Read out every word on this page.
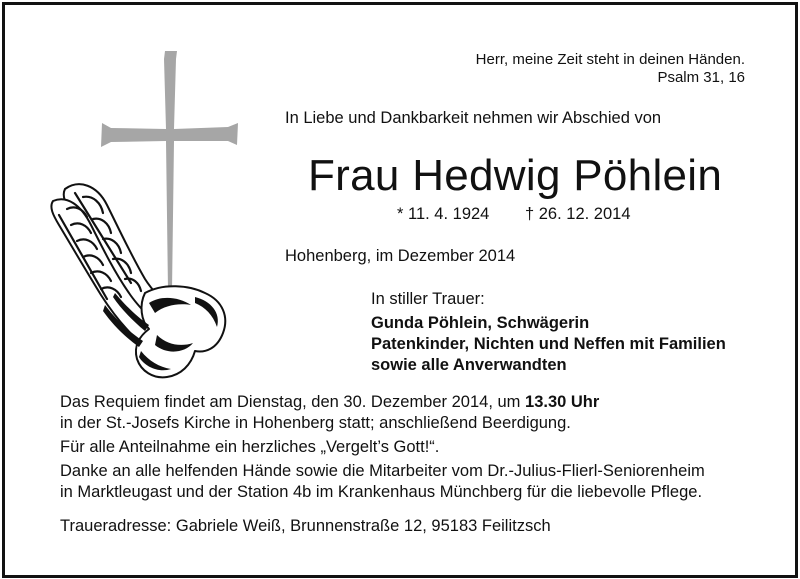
Herr, meine Zeit steht in deinen Händen.
Psalm 31, 16
In Liebe und Dankbarkeit nehmen wir Abschied von
Frau Hedwig Pöhlein
* 11. 4. 1924 † 26. 12. 2014
Hohenberg, im Dezember 2014
In stiller Trauer:
Gunda Pöhlein, Schwägerin
Patenkinder, Nichten und Neffen mit Familien
sowie alle Anverwandten
Das Requiem findet am Dienstag, den 30. Dezember 2014, um 13.30 Uhr
in der St.-Josefs Kirche in Hohenberg statt; anschließend Beerdigung.
Für alle Anteilnahme ein herzliches „Vergelt’s Gott!“.
Danke an alle helfenden Hände sowie die Mitarbeiter vom Dr.-Julius-Flierl-Seniorenheim
in Marktleugast und der Station 4b im Krankenhaus Münchberg für die liebevolle Pflege.
Traueradresse: Gabriele Weiß, Brunnenstraße 12, 95183 Feilitzsch
